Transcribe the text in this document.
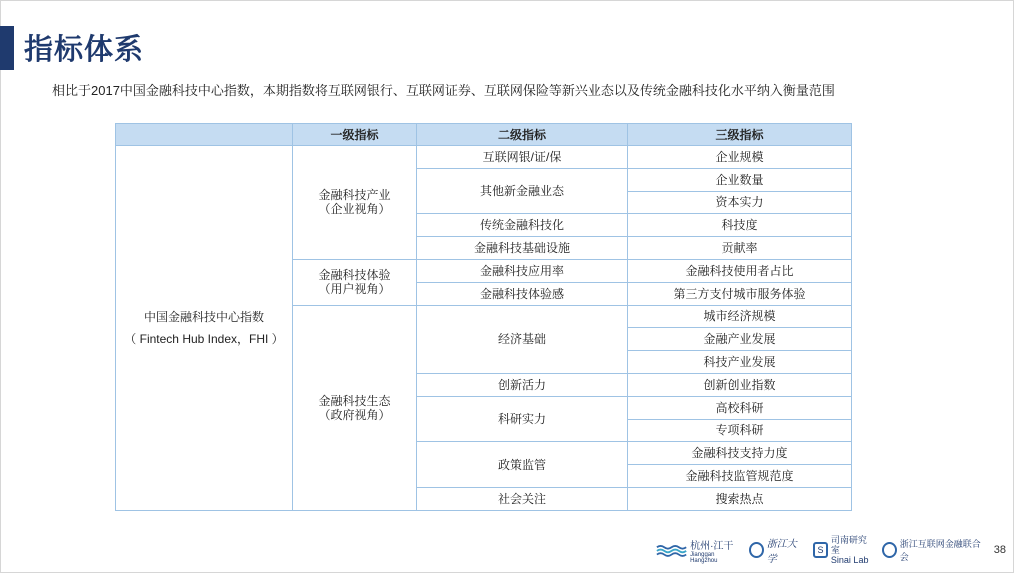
指标体系
相比于2017中国金融科技中心指数，本期指数将互联网银行、互联网证券、互联网保险等新兴业态以及传统金融科技化水平纳入衡量范围
	一级指标	二级指标	三级指标

中国金融科技中心指数
（ Fintech Hub Index，FHI ）	金融科技产业
（企业视角）	互联网银/证/保	企业规模
		其他新金融业态	企业数量
			资本实力
		传统金融科技化	科技度
		金融科技基础设施	贡献率

	金融科技体验
（用户视角）	金融科技应用率	金融科技使用者占比
		金融科技体验感	第三方支付城市服务体验

	金融科技生态
（政府视角）	经济基础	城市经济规模
			金融产业发展
			科技产业发展
		创新活力	创新创业指数
		科研实力	高校科研
			专项科研
		政策监管	金融科技支持力度
			金融科技监管规范度
		社会关注	搜索热点
杭州·江干
Jianggan Hangzhou
浙江大学
S
司南研究室
Sinai Lab
浙江互联网金融联合会
38
